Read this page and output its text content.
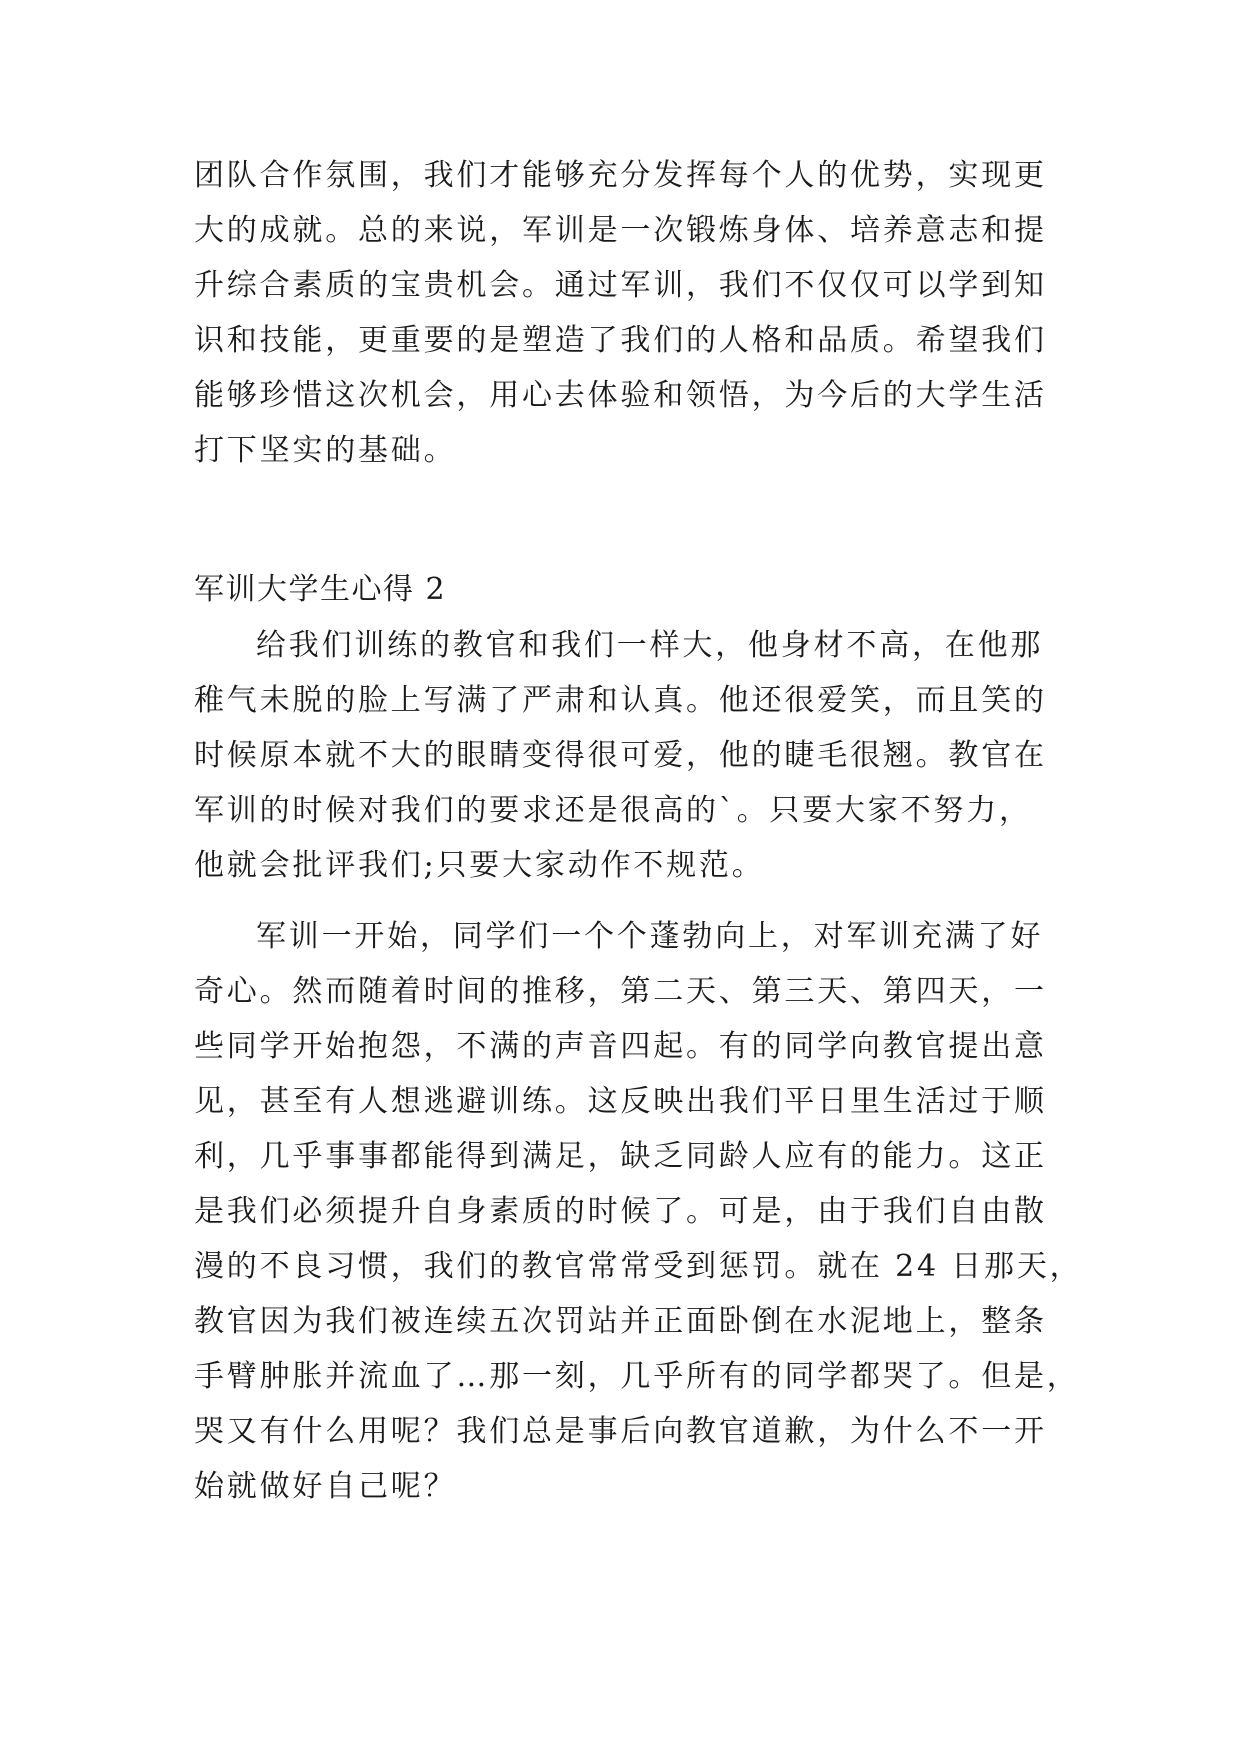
团队合作氛围，我们才能够充分发挥每个人的优势，实现更
大的成就。总的来说，军训是一次锻炼身体、培养意志和提
升综合素质的宝贵机会。通过军训，我们不仅仅可以学到知
识和技能，更重要的是塑造了我们的人格和品质。希望我们
能够珍惜这次机会，用心去体验和领悟，为今后的大学生活
打下坚实的基础。
军训大学生心得 2
给我们训练的教官和我们一样大，他身材不高，在他那
稚气未脱的脸上写满了严肃和认真。他还很爱笑，而且笑的
时候原本就不大的眼睛变得很可爱，他的睫毛很翘。教官在
军训的时候对我们的要求还是很高的`。只要大家不努力，
他就会批评我们;只要大家动作不规范。
军训一开始，同学们一个个蓬勃向上，对军训充满了好
奇心。然而随着时间的推移，第二天、第三天、第四天，一
些同学开始抱怨，不满的声音四起。有的同学向教官提出意
见，甚至有人想逃避训练。这反映出我们平日里生活过于顺
利，几乎事事都能得到满足，缺乏同龄人应有的能力。这正
是我们必须提升自身素质的时候了。可是，由于我们自由散
漫的不良习惯，我们的教官常常受到惩罚。就在 24 日那天，
教官因为我们被连续五次罚站并正面卧倒在水泥地上，整条
手臂肿胀并流血了…那一刻，几乎所有的同学都哭了。但是，
哭又有什么用呢？我们总是事后向教官道歉，为什么不一开
始就做好自己呢？
